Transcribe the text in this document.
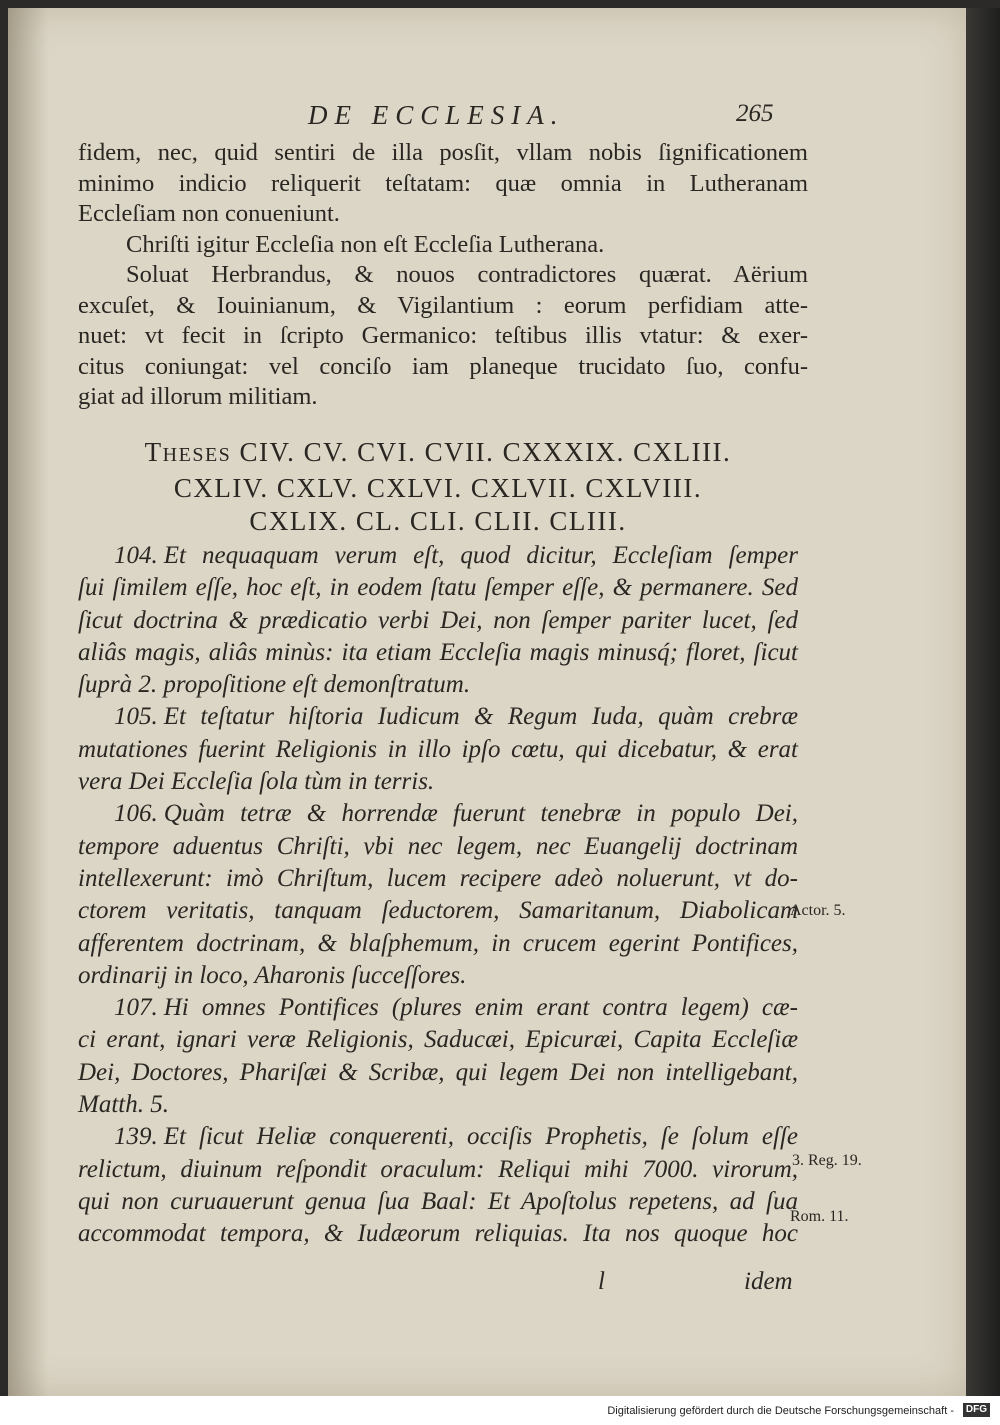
DE ECCLESIA.	265
fidem, nec, quid sentiri de illa posſit, vllam nobis ſignificationem
minimo indicio reliquerit teſtatam: quæ omnia in Lutheranam
Eccleſiam non conueniunt.
Chriſti igitur Eccleſia non eſt Eccleſia Lutherana.
Soluat Herbrandus, & nouos contradictores quærat. Aërium
excuſet, & Iouinianum, & Vigilantium : eorum perfidiam atte-
nuet: vt fecit in ſcripto Germanico: teſtibus illis vtatur: & exer-
citus coniungat: vel conciſo iam planeque trucidato ſuo, confu-
giat ad illorum militiam.
THESES CIV. CV. CVI. CVII. CXXXIX. CXLIII.
CXLIV. CXLV. CXLVI. CXLVII. CXLVIII.
CXLIX. CL. CLI. CLII. CLIII.
104. Et nequaquam verum eſt, quod dicitur, Eccleſiam ſemper
ſui ſimilem eſſe, hoc eſt, in eodem ſtatu ſemper eſſe, & permanere. Sed
ſicut doctrina & prædicatio verbi Dei, non ſemper pariter lucet, ſed
aliâs magis, aliâs minùs: ita etiam Eccleſia magis minusq́; floret, ſicut
ſuprà 2. propoſitione eſt demonſtratum.
105. Et teſtatur hiſtoria Iudicum & Regum Iuda, quàm crebræ
mutationes fuerint Religionis in illo ipſo cœtu, qui dicebatur, & erat
vera Dei Eccleſia ſola tùm in terris.
106. Quàm tetræ & horrendæ fuerunt tenebræ in populo Dei,
tempore aduentus Chriſti, vbi nec legem, nec Euangelij doctrinam
intellexerunt: imò Chriſtum, lucem recipere adeò noluerunt, vt do-
ctorem veritatis, tanquam ſeductorem, Samaritanum, Diabolicam
afferentem doctrinam, & blaſphemum, in crucem egerint Pontifices,
ordinarij in loco, Aharonis ſucceſſores.
107. Hi omnes Pontifices (plures enim erant contra legem) cæ-
ci erant, ignari veræ Religionis, Saducæi, Epicuræi, Capita Eccleſiæ
Dei, Doctores, Phariſæi & Scribæ, qui legem Dei non intelligebant,
Matth. 5.
139. Et ſicut Heliæ conquerenti, occiſis Prophetis, ſe ſolum eſſe
relictum, diuinum reſpondit oraculum: Reliqui mihi 7000. virorum,
qui non curuauerunt genua ſua Baal: Et Apoſtolus repetens, ad ſua
accommodat tempora, & Iudæorum reliquias. Ita nos quoque hoc
Actor. 5.
3. Reg. 19.
Rom. 11.
l	idem
Digitalisierung gefördert durch die Deutsche Forschungsgemeinschaft -	DFG
